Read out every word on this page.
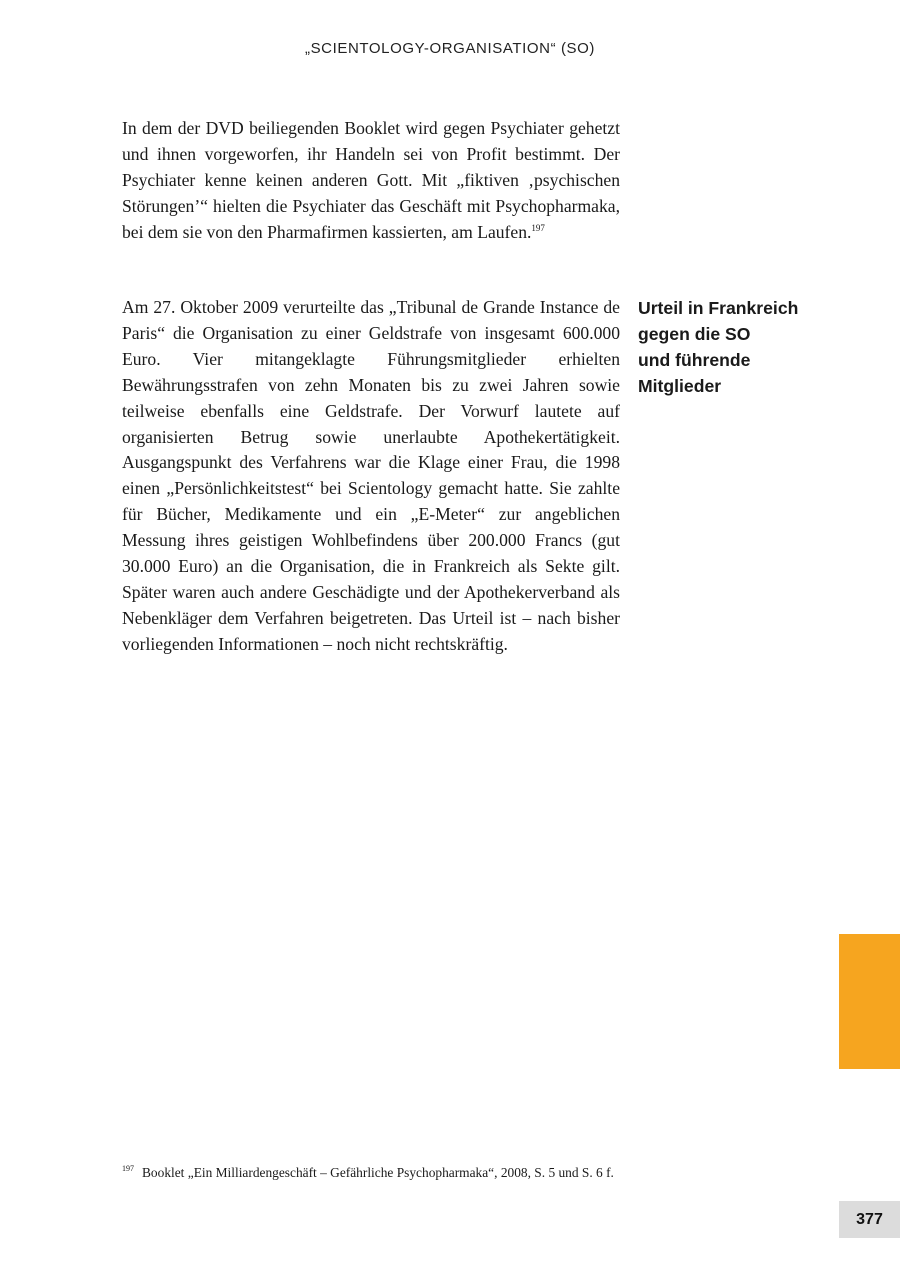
„SCIENTOLOGY-ORGANISATION“ (SO)

In dem der DVD beiliegenden Booklet wird gegen Psychiater gehetzt und ihnen vorgeworfen, ihr Handeln sei von Profit bestimmt. Der Psychiater kenne keinen anderen Gott. Mit „fiktiven ‚psychischen Störungen’“ hielten die Psychiater das Geschäft mit Psychopharmaka, bei dem sie von den Pharmafirmen kassierten, am Laufen.$^{197}$

Am 27. Oktober 2009 verurteilte das „Tribunal de Grande Instance de Paris“ die Organisation zu einer Geldstrafe von insgesamt 600.000 Euro. Vier mitangeklagte Führungsmitglieder erhielten Bewährungsstrafen von zehn Monaten bis zu zwei Jahren sowie teilweise ebenfalls eine Geldstrafe. Der Vorwurf lautete auf organisierten Betrug sowie unerlaubte Apothekertätigkeit. Ausgangspunkt des Verfahrens war die Klage einer Frau, die 1998 einen „Persönlichkeitstest“ bei Scientology gemacht hatte. Sie zahlte für Bücher, Medikamente und ein „E-Meter“ zur angeblichen Messung ihres geistigen Wohlbefindens über 200.000 Francs (gut 30.000 Euro) an die Organisation, die in Frankreich als Sekte gilt. Später waren auch andere Geschädigte und der Apothekerverband als Nebenkläger dem Verfahren beigetreten. Das Urteil ist – nach bisher vorliegenden Informationen – noch nicht rechtskräftig.

Urteil in Frankreich
gegen die SO
und führende
Mitglieder
197 Booklet „Ein Milliardengeschäft – Gefährliche Psychopharmaka“, 2008, S. 5 und S. 6 f.
377
